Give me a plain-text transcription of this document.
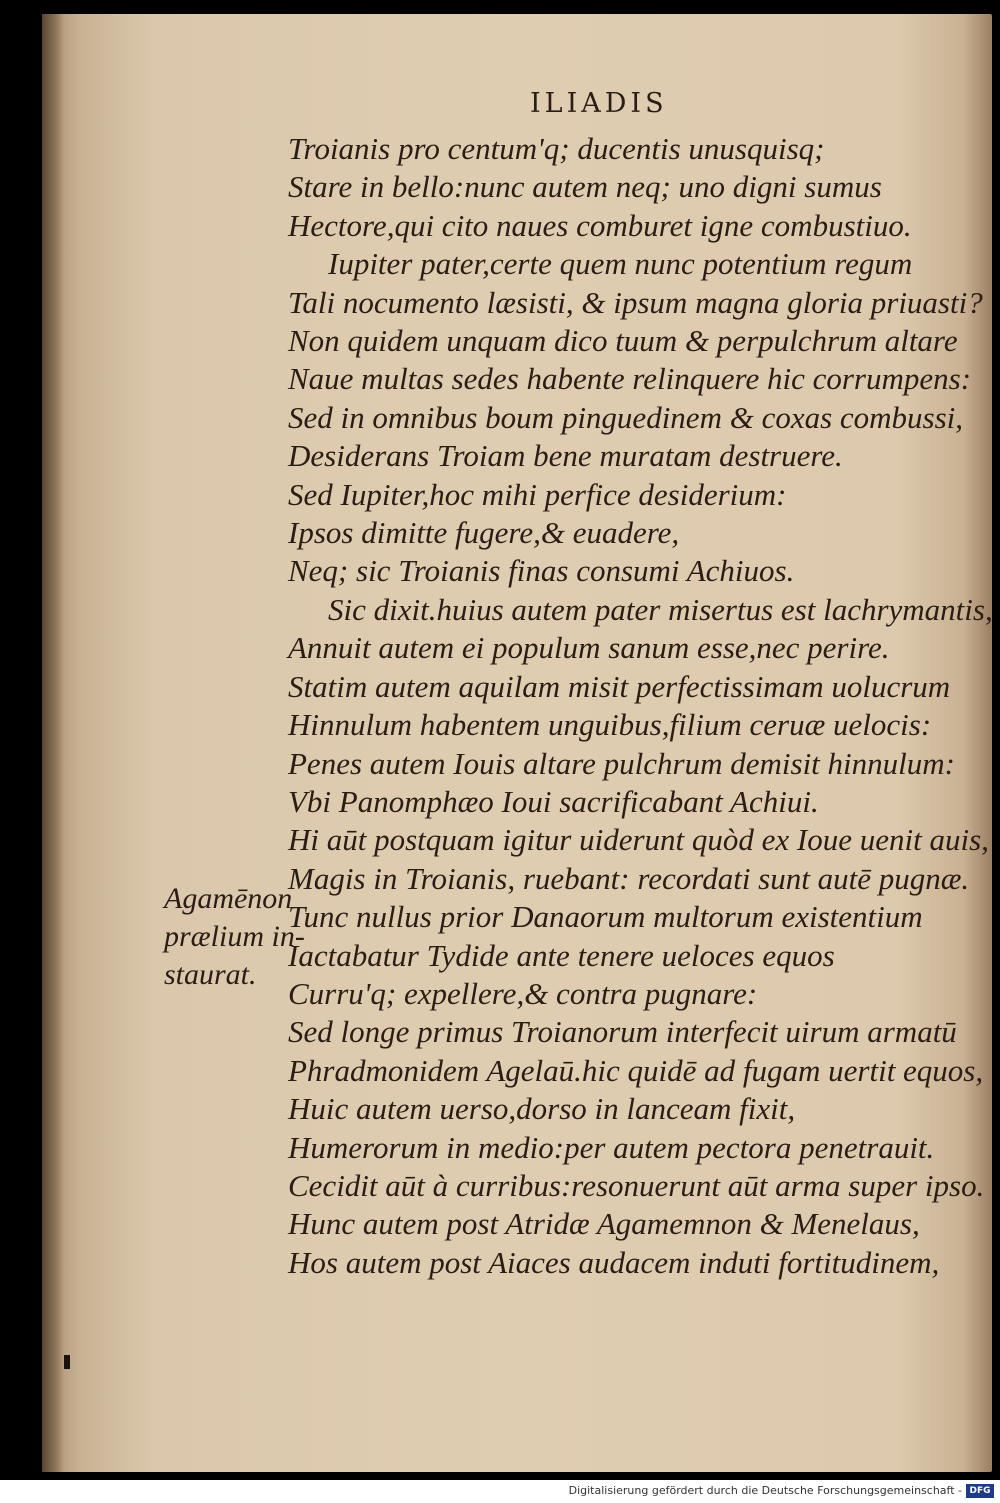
ILIADIS
Troianis pro centum'q; ducentis unusquisq;
Stare in bello:nunc autem neq; uno digni sumus
Hectore,qui cito naues comburet igne combustiuo.
Iupiter pater,certe quem nunc potentium regum
Tali nocumento læsisti, & ipsum magna gloria priuasti?
Non quidem unquam dico tuum & perpulchrum altare
Naue multas sedes habente relinquere hic corrumpens:
Sed in omnibus boum pinguedinem & coxas combussi,
Desiderans Troiam bene muratam destruere.
Sed Iupiter,hoc mihi perfice desiderium:
Ipsos dimitte fugere,& euadere,
Neq; sic Troianis finas consumi Achiuos.
Sic dixit.huius autem pater misertus est lachrymantis,
Annuit autem ei populum sanum esse,nec perire.
Statim autem aquilam misit perfectissimam uolucrum
Hinnulum habentem unguibus,filium ceruæ uelocis:
Penes autem Iouis altare pulchrum demisit hinnulum:
Vbi Panomphæo Ioui sacrificabant Achiui.
Hi aūt postquam igitur uiderunt quòd ex Ioue uenit auis,
Magis in Troianis, ruebant: recordati sunt autē pugnæ.
Tunc nullus prior Danaorum multorum existentium
Iactabatur Tydide ante tenere ueloces equos
Curru'q; expellere,& contra pugnare:
Sed longe primus Troianorum interfecit uirum armatū
Phradmonidem Agelaū.hic quidē ad fugam uertit equos,
Huic autem uerso,dorso in lanceam fixit,
Humerorum in medio:per autem pectora penetrauit.
Cecidit aūt à curribus:resonuerunt aūt arma super ipso.
Hunc autem post Atridæ Agamemnon & Menelaus,
Hos autem post Aiaces audacem induti fortitudinem,
Agamēnon
prælium in-
staurat.
Digitalisierung gefördert durch die Deutsche Forschungsgemeinschaft - DFG
